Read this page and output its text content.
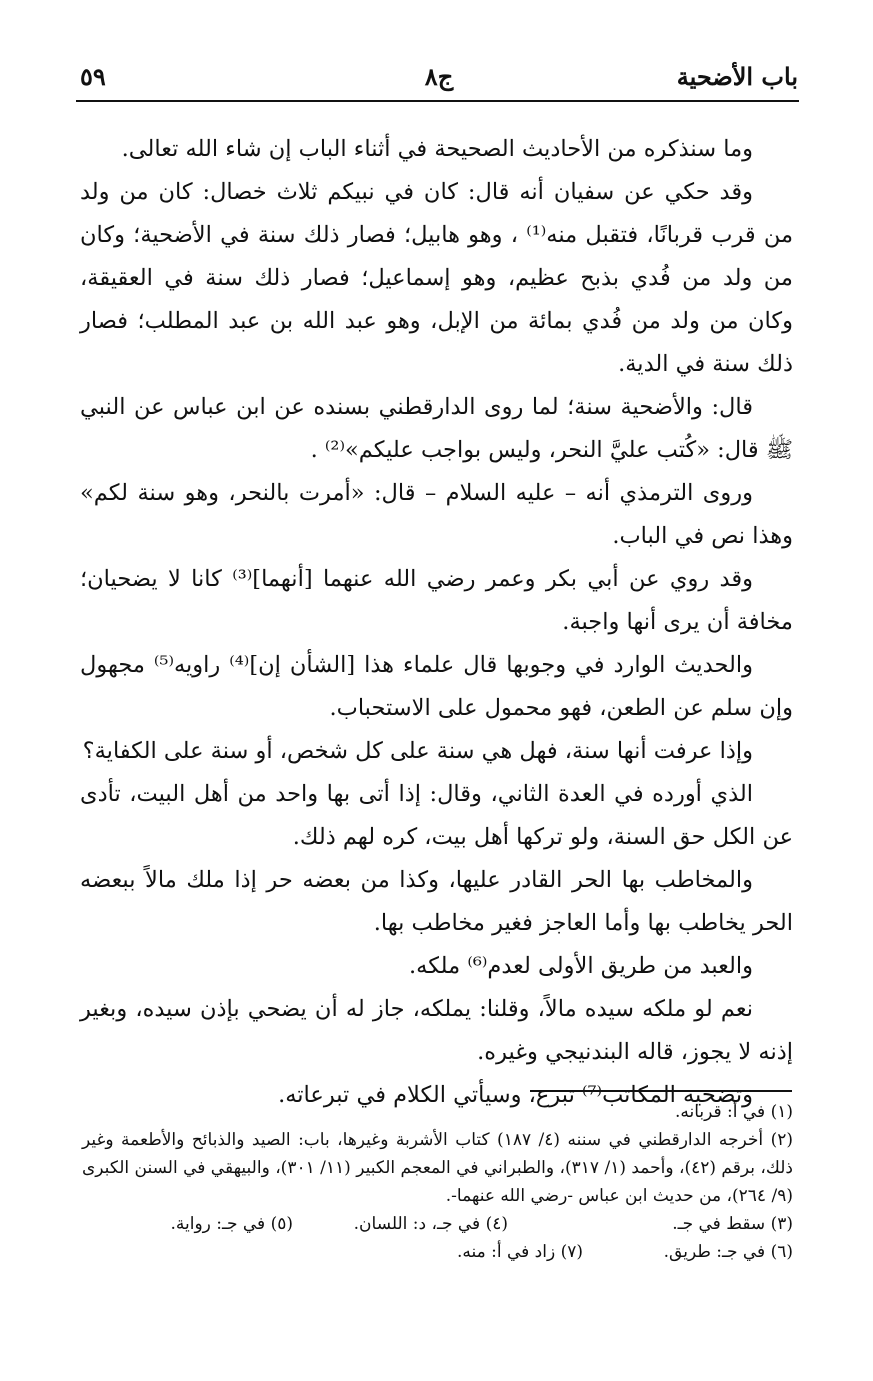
باب الأضحية
ج٨
٥٩

وما سنذكره من الأحاديث الصحيحة في أثناء الباب إن شاء الله تعالى.

وقد حكي عن سفيان أنه قال: كان في نبيكم ثلاث خصال: كان من ولد من قرب قربانًا، فتقبل منه⁽¹⁾ ، وهو هابيل؛ فصار ذلك سنة في الأضحية؛ وكان من ولد من فُدي بذبح عظيم، وهو إسماعيل؛ فصار ذلك سنة في العقيقة، وكان من ولد من فُدي بمائة من الإبل، وهو عبد الله بن عبد المطلب؛ فصار ذلك سنة في الدية.

قال: والأضحية سنة؛ لما روى الدارقطني بسنده عن ابن عباس عن النبي ﷺ قال: «كُتب عليَّ النحر، وليس بواجب عليكم»⁽²⁾ .

وروى الترمذي أنه – عليه السلام – قال: «أمرت بالنحر، وهو سنة لكم» وهذا نص في الباب.

وقد روي عن أبي بكر وعمر رضي الله عنهما [أنهما]⁽³⁾ كانا لا يضحيان؛ مخافة أن يرى أنها واجبة.

والحديث الوارد في وجوبها قال علماء هذا [الشأن إن]⁽⁴⁾ راويه⁽⁵⁾ مجهول وإن سلم عن الطعن، فهو محمول على الاستحباب.

وإذا عرفت أنها سنة، فهل هي سنة على كل شخص، أو سنة على الكفاية؟

الذي أورده في العدة الثاني، وقال: إذا أتى بها واحد من أهل البيت، تأدى عن الكل حق السنة، ولو تركها أهل بيت، كره لهم ذلك.

والمخاطب بها الحر القادر عليها، وكذا من بعضه حر إذا ملك مالاً ببعضه الحر يخاطب بها وأما العاجز فغير مخاطب بها.

والعبد من طريق الأولى لعدم⁽⁶⁾ ملكه.

نعم لو ملكه سيده مالاً، وقلنا: يملكه، جاز له أن يضحي بإذن سيده، وبغير إذنه لا يجوز، قاله البندنيجي وغيره.

وتضحية المكاتب⁽⁷⁾ تبرع، وسيأتي الكلام في تبرعاته.

(١) في أ: قربانه.

(٢) أخرجه الدارقطني في سننه (٤/ ١٨٧) كتاب الأشربة وغيرها، باب: الصيد والذبائح والأطعمة وغير ذلك، برقم (٤٢)، وأحمد (١/ ٣١٧)، والطبراني في المعجم الكبير (١١/ ٣٠١)، والبيهقي في السنن الكبرى (٩/ ٢٦٤)، من حديث ابن عباس -رضي الله عنهما-.

(٣) سقط في جـ.
(٤) في جـ، د: اللسان.
(٥) في جـ: رواية.

(٦) في جـ: طريق.
(٧) زاد في أ: منه.
